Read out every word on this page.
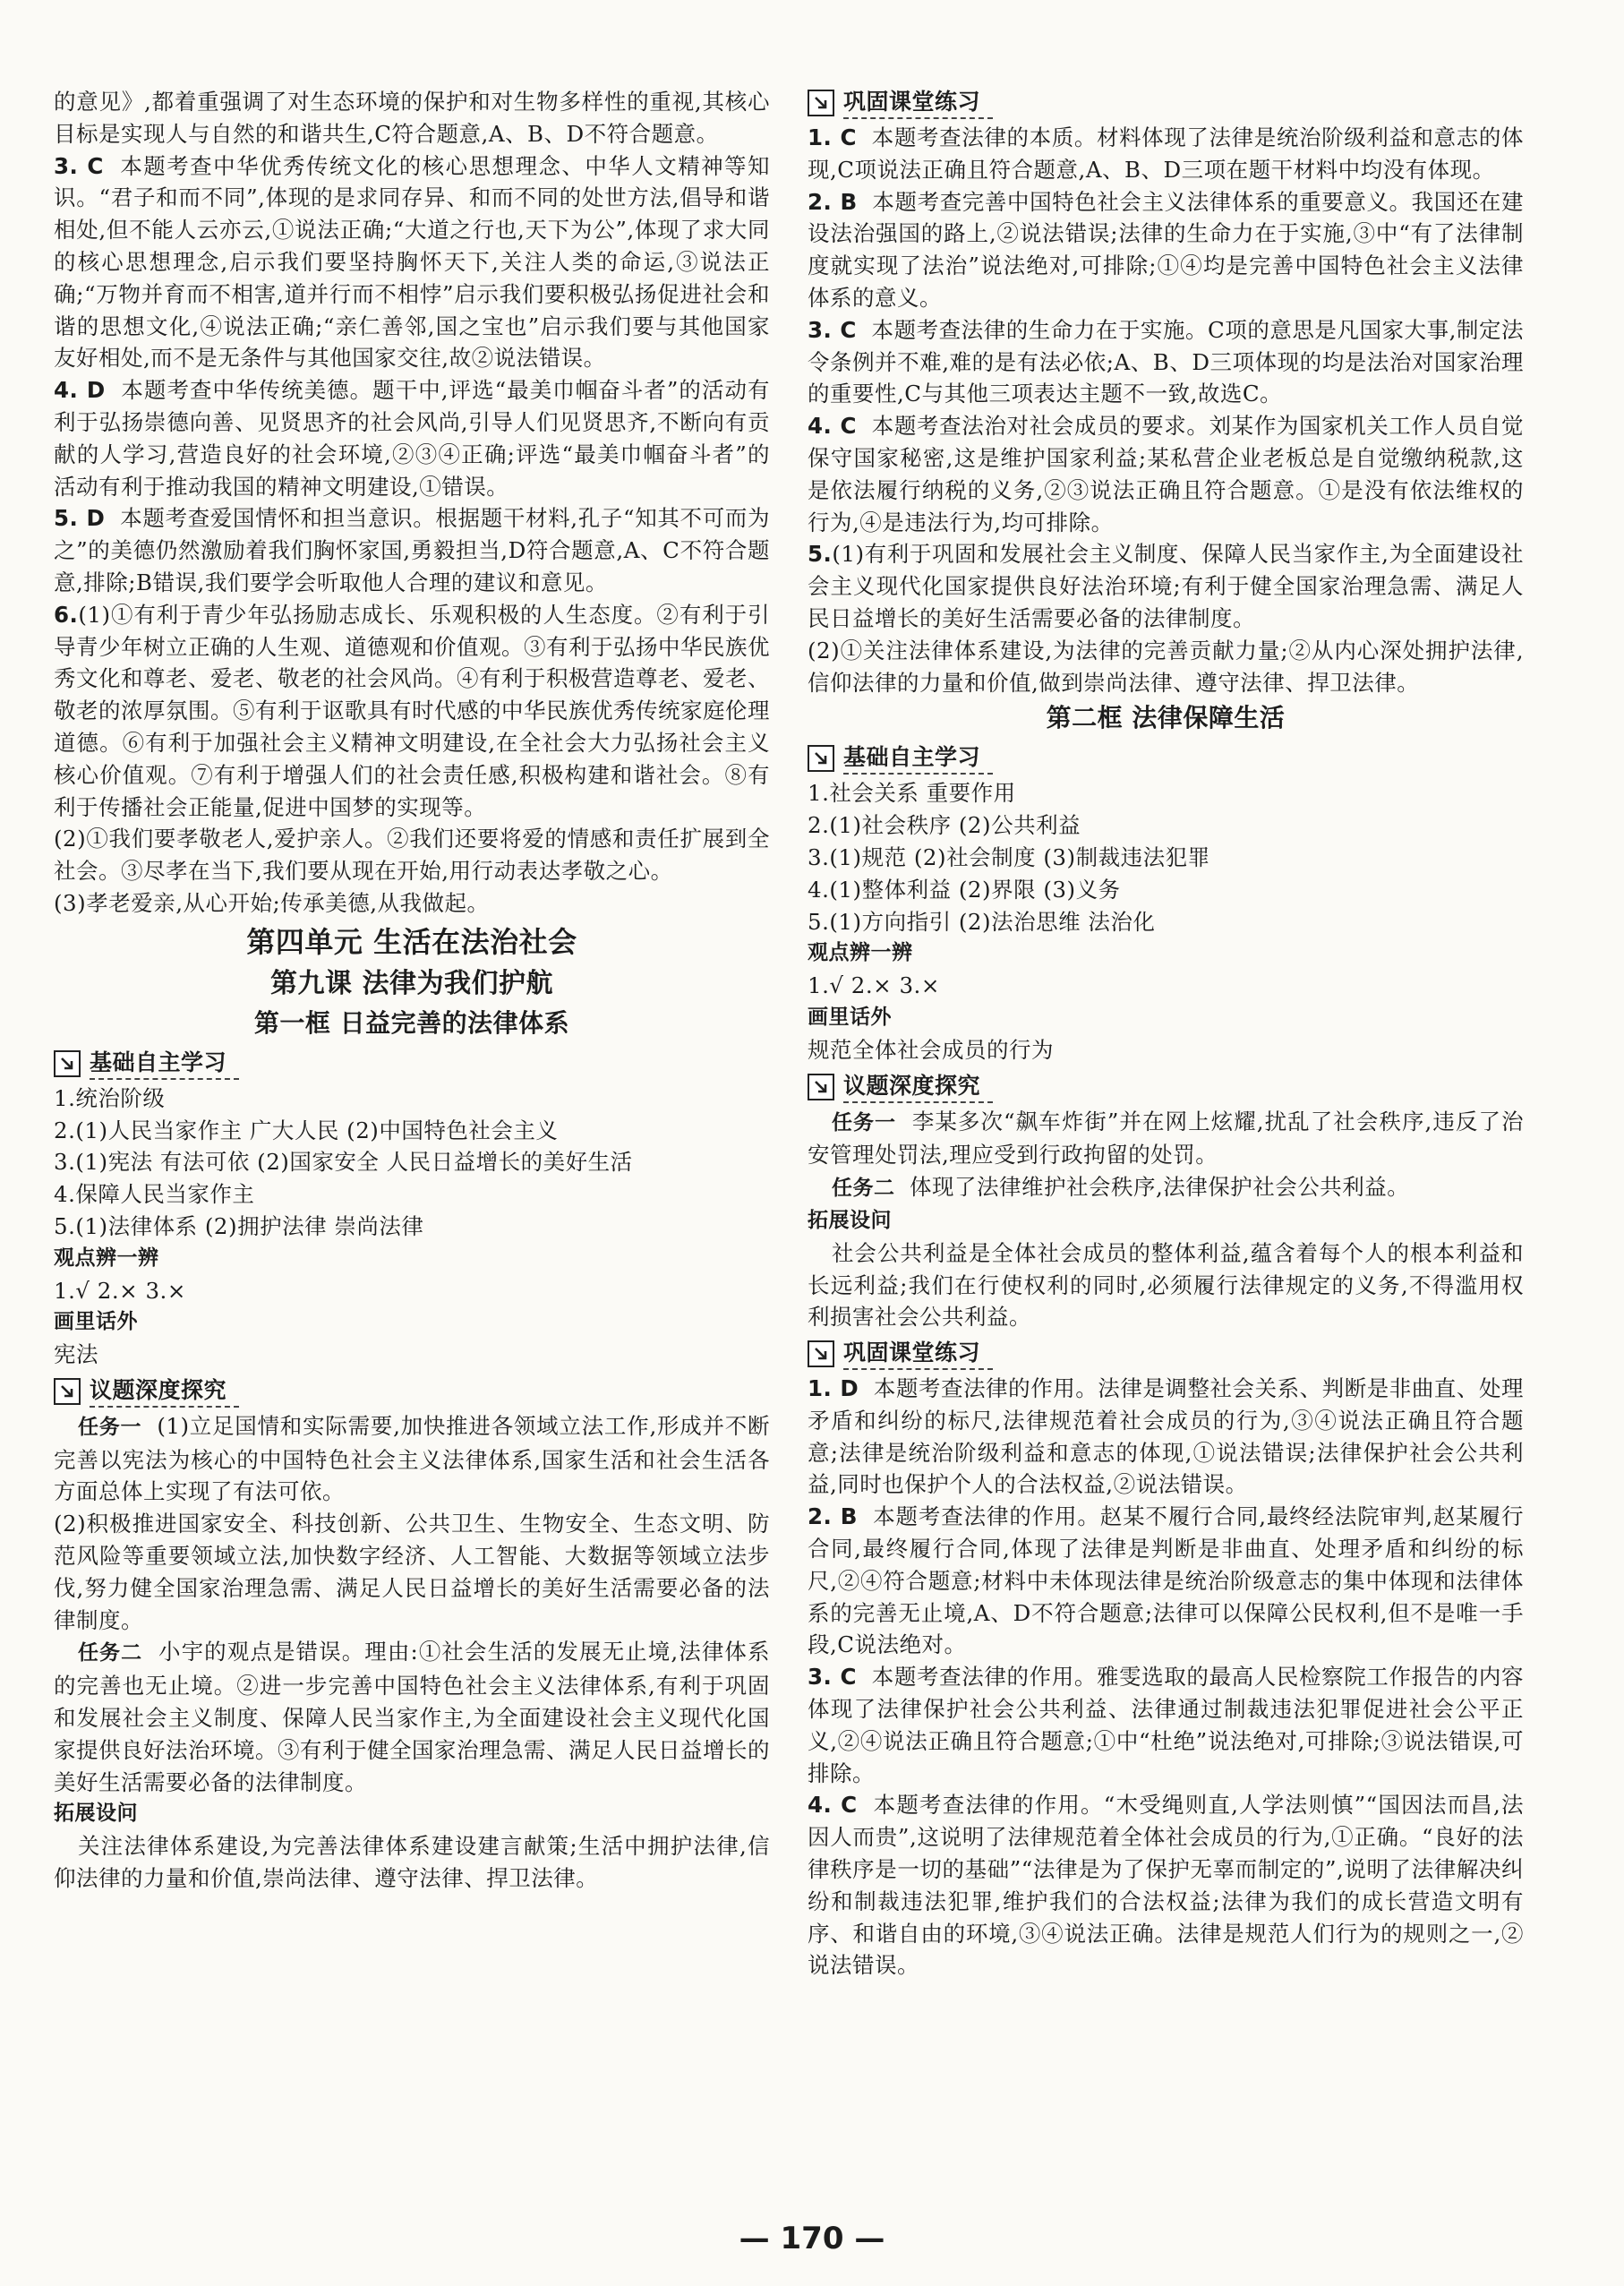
的意见》,都着重强调了对生态环境的保护和对生物多样性的重视,其核心目标是实现人与自然的和谐共生,C符合题意,A、B、D不符合题意。

3. C 本题考查中华优秀传统文化的核心思想理念、中华人文精神等知识。“君子和而不同”,体现的是求同存异、和而不同的处世方法,倡导和谐相处,但不能人云亦云,①说法正确;“大道之行也,天下为公”,体现了求大同的核心思想理念,启示我们要坚持胸怀天下,关注人类的命运,③说法正确;“万物并育而不相害,道并行而不相悖”启示我们要积极弘扬促进社会和谐的思想文化,④说法正确;“亲仁善邻,国之宝也”启示我们要与其他国家友好相处,而不是无条件与其他国家交往,故②说法错误。

4. D 本题考查中华传统美德。题干中,评选“最美巾帼奋斗者”的活动有利于弘扬崇德向善、见贤思齐的社会风尚,引导人们见贤思齐,不断向有贡献的人学习,营造良好的社会环境,②③④正确;评选“最美巾帼奋斗者”的活动有利于推动我国的精神文明建设,①错误。

5. D 本题考查爱国情怀和担当意识。根据题干材料,孔子“知其不可而为之”的美德仍然激励着我们胸怀家国,勇毅担当,D符合题意,A、C不符合题意,排除;B错误,我们要学会听取他人合理的建议和意见。

6.(1)①有利于青少年弘扬励志成长、乐观积极的人生态度。②有利于引导青少年树立正确的人生观、道德观和价值观。③有利于弘扬中华民族优秀文化和尊老、爱老、敬老的社会风尚。④有利于积极营造尊老、爱老、敬老的浓厚氛围。⑤有利于讴歌具有时代感的中华民族优秀传统家庭伦理道德。⑥有利于加强社会主义精神文明建设,在全社会大力弘扬社会主义核心价值观。⑦有利于增强人们的社会责任感,积极构建和谐社会。⑧有利于传播社会正能量,促进中国梦的实现等。

(2)①我们要孝敬老人,爱护亲人。②我们还要将爱的情感和责任扩展到全社会。③尽孝在当下,我们要从现在开始,用行动表达孝敬之心。

(3)孝老爱亲,从心开始;传承美德,从我做起。

第四单元 生活在法治社会
第九课 法律为我们护航
第一框 日益完善的法律体系
基础自主学习

1.统治阶级

2.(1)人民当家作主 广大人民 (2)中国特色社会主义

3.(1)宪法 有法可依 (2)国家安全 人民日益增长的美好生活

4.保障人民当家作主

5.(1)法律体系 (2)拥护法律 崇尚法律

观点辨一辨

1.√ 2.× 3.×

画里话外

宪法

议题深度探究

任务一 (1)立足国情和实际需要,加快推进各领域立法工作,形成并不断完善以宪法为核心的中国特色社会主义法律体系,国家生活和社会生活各方面总体上实现了有法可依。

(2)积极推进国家安全、科技创新、公共卫生、生物安全、生态文明、防范风险等重要领域立法,加快数字经济、人工智能、大数据等领域立法步伐,努力健全国家治理急需、满足人民日益增长的美好生活需要必备的法律制度。

任务二 小宇的观点是错误。理由:①社会生活的发展无止境,法律体系的完善也无止境。②进一步完善中国特色社会主义法律体系,有利于巩固和发展社会主义制度、保障人民当家作主,为全面建设社会主义现代化国家提供良好法治环境。③有利于健全国家治理急需、满足人民日益增长的美好生活需要必备的法律制度。

拓展设问

关注法律体系建设,为完善法律体系建设建言献策;生活中拥护法律,信仰法律的力量和价值,崇尚法律、遵守法律、捍卫法律。

巩固课堂练习

1. C 本题考查法律的本质。材料体现了法律是统治阶级利益和意志的体现,C项说法正确且符合题意,A、B、D三项在题干材料中均没有体现。

2. B 本题考查完善中国特色社会主义法律体系的重要意义。我国还在建设法治强国的路上,②说法错误;法律的生命力在于实施,③中“有了法律制度就实现了法治”说法绝对,可排除;①④均是完善中国特色社会主义法律体系的意义。

3. C 本题考查法律的生命力在于实施。C项的意思是凡国家大事,制定法令条例并不难,难的是有法必依;A、B、D三项体现的均是法治对国家治理的重要性,C与其他三项表达主题不一致,故选C。

4. C 本题考查法治对社会成员的要求。刘某作为国家机关工作人员自觉保守国家秘密,这是维护国家利益;某私营企业老板总是自觉缴纳税款,这是依法履行纳税的义务,②③说法正确且符合题意。①是没有依法维权的行为,④是违法行为,均可排除。

5.(1)有利于巩固和发展社会主义制度、保障人民当家作主,为全面建设社会主义现代化国家提供良好法治环境;有利于健全国家治理急需、满足人民日益增长的美好生活需要必备的法律制度。

(2)①关注法律体系建设,为法律的完善贡献力量;②从内心深处拥护法律,信仰法律的力量和价值,做到崇尚法律、遵守法律、捍卫法律。

第二框 法律保障生活
基础自主学习

1.社会关系 重要作用

2.(1)社会秩序 (2)公共利益

3.(1)规范 (2)社会制度 (3)制裁违法犯罪

4.(1)整体利益 (2)界限 (3)义务

5.(1)方向指引 (2)法治思维 法治化

观点辨一辨

1.√ 2.× 3.×

画里话外

规范全体社会成员的行为

议题深度探究

任务一 李某多次“飙车炸街”并在网上炫耀,扰乱了社会秩序,违反了治安管理处罚法,理应受到行政拘留的处罚。

任务二 体现了法律维护社会秩序,法律保护社会公共利益。

拓展设问

社会公共利益是全体社会成员的整体利益,蕴含着每个人的根本利益和长远利益;我们在行使权利的同时,必须履行法律规定的义务,不得滥用权利损害社会公共利益。

巩固课堂练习

1. D 本题考查法律的作用。法律是调整社会关系、判断是非曲直、处理矛盾和纠纷的标尺,法律规范着社会成员的行为,③④说法正确且符合题意;法律是统治阶级利益和意志的体现,①说法错误;法律保护社会公共利益,同时也保护个人的合法权益,②说法错误。

2. B 本题考查法律的作用。赵某不履行合同,最终经法院审判,赵某履行合同,最终履行合同,体现了法律是判断是非曲直、处理矛盾和纠纷的标尺,②④符合题意;材料中未体现法律是统治阶级意志的集中体现和法律体系的完善无止境,A、D不符合题意;法律可以保障公民权利,但不是唯一手段,C说法绝对。

3. C 本题考查法律的作用。雅雯选取的最高人民检察院工作报告的内容体现了法律保护社会公共利益、法律通过制裁违法犯罪促进社会公平正义,②④说法正确且符合题意;①中“杜绝”说法绝对,可排除;③说法错误,可排除。

4. C 本题考查法律的作用。“木受绳则直,人学法则慎”“国因法而昌,法因人而贵”,这说明了法律规范着全体社会成员的行为,①正确。“良好的法律秩序是一切的基础”“法律是为了保护无辜而制定的”,说明了法律解决纠纷和制裁违法犯罪,维护我们的合法权益;法律为我们的成长营造文明有序、和谐自由的环境,③④说法正确。法律是规范人们行为的规则之一,②说法错误。

— 170 —
